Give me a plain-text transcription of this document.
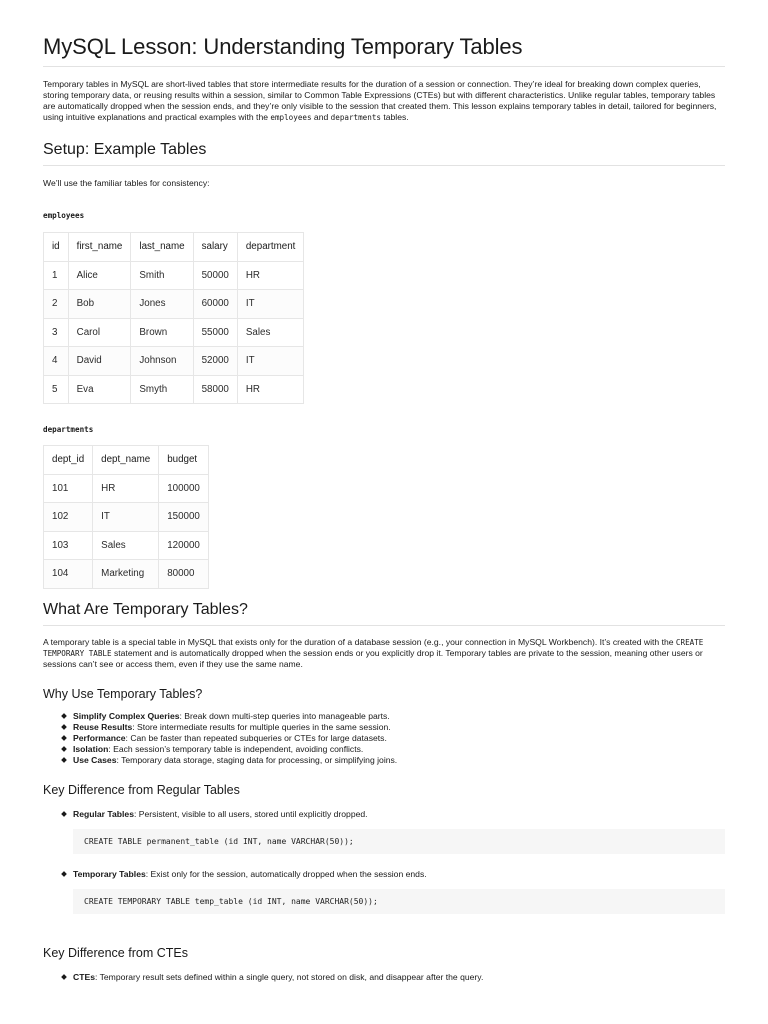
MySQL Lesson: Understanding Temporary Tables

Temporary tables in MySQL are short-lived tables that store intermediate results for the duration of a session or connection. They’re ideal for breaking down complex queries, storing temporary data, or reusing results within a session, similar to Common Table Expressions (CTEs) but with different characteristics. Unlike regular tables, temporary tables are automatically dropped when the session ends, and they’re only visible to the session that created them. This lesson explains temporary tables in detail, tailored for beginners, using intuitive explanations and practical examples with the employees and departments tables.

Setup: Example Tables

We’ll use the familiar tables for consistency:

employees

id	first_name	last_name	salary	department
1	Alice	Smith	50000	HR
2	Bob	Jones	60000	IT
3	Carol	Brown	55000	Sales
4	David	Johnson	52000	IT
5	Eva	Smyth	58000	HR

departments

dept_id	dept_name	budget
101	HR	100000
102	IT	150000
103	Sales	120000
104	Marketing	80000
What Are Temporary Tables?

A temporary table is a special table in MySQL that exists only for the duration of a database session (e.g., your connection in MySQL Workbench). It’s created with the CREATE TEMPORARY TABLE statement and is automatically dropped when the session ends or you explicitly drop it. Temporary tables are private to the session, meaning other users or sessions can’t see or access them, even if they use the same name.

Why Use Temporary Tables?
Simplify Complex Queries: Break down multi-step queries into manageable parts.
Reuse Results: Store intermediate results for multiple queries in the same session.
Performance: Can be faster than repeated subqueries or CTEs for large datasets.
Isolation: Each session’s temporary table is independent, avoiding conflicts.
Use Cases: Temporary data storage, staging data for processing, or simplifying joins.
Key Difference from Regular Tables
Regular Tables: Persistent, visible to all users, stored until explicitly dropped.
CREATE TABLE permanent_table (id INT, name VARCHAR(50));
Temporary Tables: Exist only for the session, automatically dropped when the session ends.
CREATE TEMPORARY TABLE temp_table (id INT, name VARCHAR(50));
Key Difference from CTEs
CTEs: Temporary result sets defined within a single query, not stored on disk, and disappear after the query.
